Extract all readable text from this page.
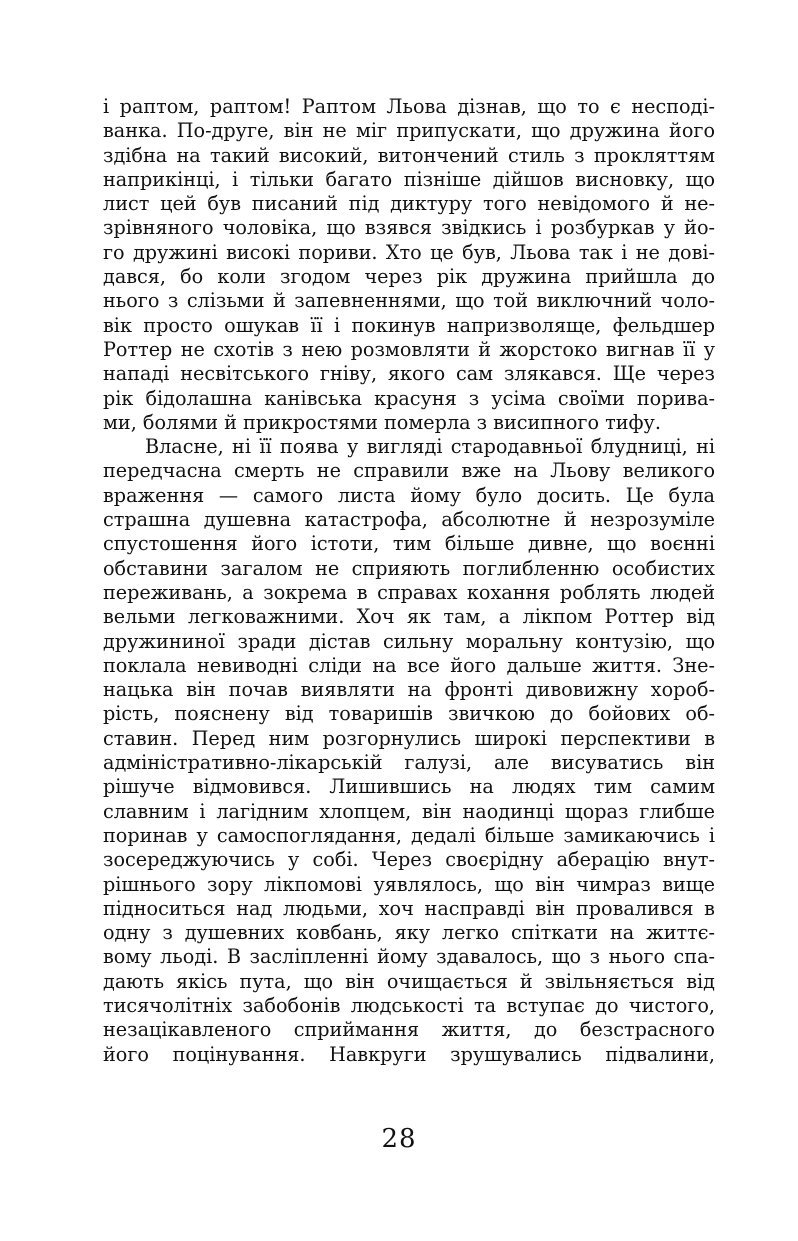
і раптом, раптом! Раптом Льова дізнав, що то є несподі-
ванка. По-друге, він не міг припускати, що дружина його
здібна на такий високий, витончений стиль з прокляттям
наприкінці, і тільки багато пізніше дійшов висновку, що
лист цей був писаний під диктуру того невідомого й не-
зрівняного чоловіка, що взявся звідкись і розбуркав у йо-
го дружині високі пориви. Хто це був, Льова так і не дові-
дався, бо коли згодом через рік дружина прийшла до
нього з слізьми й запевненнями, що той виключний чоло-
вік просто ошукав її і покинув напризволяще, фельдшер
Роттер не схотів з нею розмовляти й жорстоко вигнав її у
нападі несвітського гніву, якого сам злякався. Ще через
рік бідолашна канівська красуня з усіма своїми порива-
ми, болями й прикростями померла з висипного тифу.
Власне, ні її поява у вигляді стародавньої блудниці, ні
передчасна смерть не справили вже на Льову великого
враження — самого листа йому було досить. Це була
страшна душевна катастрофа, абсолютне й незрозуміле
спустошення його істоти, тим більше дивне, що воєнні
обставини загалом не сприяють поглибленню особистих
переживань, а зокрема в справах кохання роблять людей
вельми легковажними. Хоч як там, а лікпом Роттер від
дружининої зради дістав сильну моральну контузію, що
поклала невиводні сліди на все його дальше життя. Зне-
нацька він почав виявляти на фронті дивовижну хороб-
рість, пояснену від товаришів звичкою до бойових об-
ставин. Перед ним розгорнулись широкі перспективи в
адміністративно-лікарській галузі, але висуватись він
рішуче відмовився. Лишившись на людях тим самим
славним і лагідним хлопцем, він наодинці щораз глибше
поринав у самоспоглядання, дедалі більше замикаючись і
зосереджуючись у собі. Через своєрідну аберацію внут-
рішнього зору лікпомові уявлялось, що він чимраз вище
підноситься над людьми, хоч насправді він провалився в
одну з душевних ковбань, яку легко спіткати на життє-
вому льоді. В засліпленні йому здавалось, що з нього спа-
дають якісь пута, що він очищається й звільняється від
тисячолітніх забобонів людськості та вступає до чистого,
незацікавленого сприймання життя, до безстрасного
його поцінування. Навкруги зрушувались підвалини,
28
